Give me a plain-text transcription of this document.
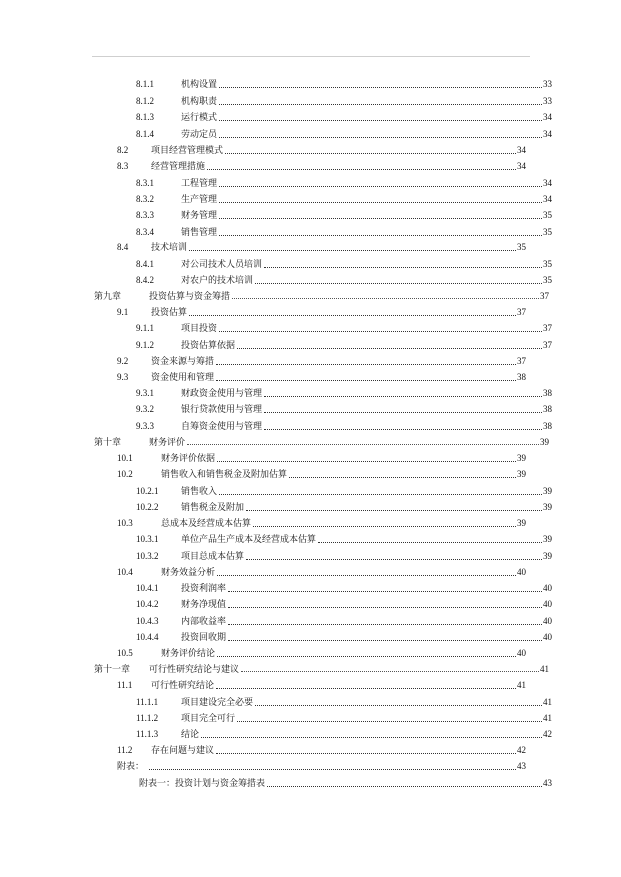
8.1.1	机构设置	33
8.1.2	机构职责	33
8.1.3	运行模式	34
8.1.4	劳动定员	34
8.2	项目经营管理模式	34
8.3	经营管理措施	34
8.3.1	工程管理	34
8.3.2	生产管理	34
8.3.3	财务管理	35
8.3.4	销售管理	35
8.4	技术培训	35
8.4.1	对公司技术人员培训	35
8.4.2	对农户的技术培训	35
第九章	投资估算与资金筹措	37
9.1	投资估算	37
9.1.1	项目投资	37
9.1.2	投资估算依据	37
9.2	资金来源与筹措	37
9.3	资金使用和管理	38
9.3.1	财政资金使用与管理	38
9.3.2	银行贷款使用与管理	38
9.3.3	自筹资金使用与管理	38
第十章	财务评价	39
10.1	财务评价依据	39
10.2	销售收入和销售税金及附加估算	39
10.2.1	销售收入	39
10.2.2	销售税金及附加	39
10.3	总成本及经营成本估算	39
10.3.1	单位产品生产成本及经营成本估算	39
10.3.2	项目总成本估算	39
10.4	财务效益分析	40
10.4.1	投资利润率	40
10.4.2	财务净现值	40
10.4.3	内部收益率	40
10.4.4	投资回收期	40
10.5	财务评价结论	40
第十一章	可行性研究结论与建议	41
11.1	可行性研究结论	41
11.1.1	项目建设完全必要	41
11.1.2	项目完全可行	41
11.1.3	结论	42
11.2	存在问题与建议	42
附表：	43
附表一： 投资计划与资金筹措表	43
